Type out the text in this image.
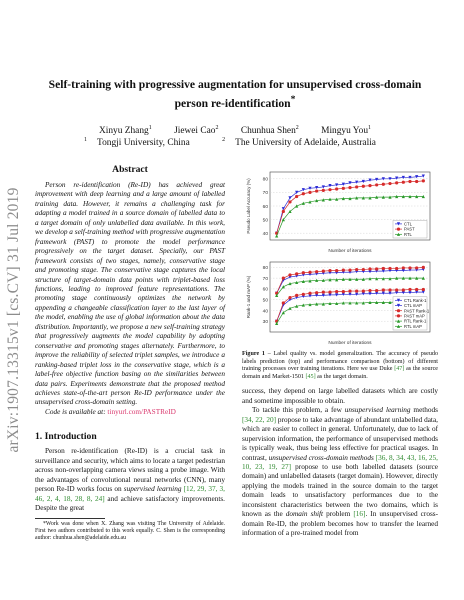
arXiv:1907.13315v1 [cs.CV] 31 Jul 2019
Self-training with progressive augmentation for unsupervised cross-domain
person re-identification*
Xinyu Zhang$^1$ Jiewei Cao$^2$ Chunhua Shen$^2$ Mingyu You$^1$
$^1$ Tongji University, China	$^2$ The University of Adelaide, Australia
Abstract

Person re-identification (Re-ID) has achieved great improvement with deep learning and a large amount of labelled training data. However, it remains a challenging task for adapting a model trained in a source domain of labelled data to a target domain of only unlabelled data available. In this work, we develop a self-training method with progressive augmentation framework (PAST) to promote the model performance progressively on the target dataset. Specially, our PAST framework consists of two stages, namely, conservative stage and promoting stage. The conservative stage captures the local structure of target-domain data points with triplet-based loss functions, leading to improved feature representations. The promoting stage continuously optimizes the network by appending a changeable classification layer to the last layer of the model, enabling the use of global information about the data distribution. Importantly, we propose a new self-training strategy that progressively augments the model capability by adopting conservative and promoting stages alternately. Furthermore, to improve the reliability of selected triplet samples, we introduce a ranking-based triplet loss in the conservative stage, which is a label-free objective function basing on the similarities between data pairs. Experiments demonstrate that the proposed method achieves state-of-the-art person Re-ID performance under the unsupervised cross-domain setting.

Code is available at: tinyurl.com/PASTReID

1. Introduction

Person re-identification (Re-ID) is a crucial task in surveillance and security, which aims to locate a target pedestrian across non-overlapping camera views using a probe image. With the advantages of convolutional neural networks (CNN), many person Re-ID works focus on supervised learning [12, 29, 37, 3, 46, 2, 4, 18, 28, 8, 24] and achieve satisfactory improvements. Despite the great

*Work was done when X. Zhang was visiting The University of Adelaide. First two authors contributed to this work equally. C. Shen is the corresponding author: chunhua.shen@adelaide.edu.au

40
50
60
70
80
Pseudo Label Accuracy (%)
Number of iterations
CTL
PAST
RTL
30
40
50
60
70
80
Rank-1 and mAP (%)
Number of iterations
CTL Rank-1
CTL mAP
PAST Rank-1
PAST mAP
RTL Rank-1
RTL mAP

Figure 1 – Label quality vs. model generalization. The accuracy of pseudo labels prediction (top) and performance comparison (bottom) of different training processes over training iterations. Here we use Duke [47] as the source domain and Market-1501 [45] as the target domain.

success, they depend on large labelled datasets which are costly and sometime impossible to obtain.

To tackle this problem, a few unsupervised learning methods [34, 22, 20] propose to take advantage of abundant unlabelled data, which are easier to collect in general. Unfortunately, due to lack of supervision information, the performance of unsupervised methods is typically weak, thus being less effective for practical usages. In contrast, unsupervised cross-domain methods [36, 8, 34, 43, 16, 25, 10, 23, 19, 27] propose to use both labelled datasets (source domain) and unlabelled datasets (target domain). However, directly applying the models trained in the source domain to the target domain leads to unsatisfactory performances due to the inconsistent characteristics between the two domains, which is known as the domain shift problem [16]. In unsupervised cross-domain Re-ID, the problem becomes how to transfer the learned information of a pre-trained model from
